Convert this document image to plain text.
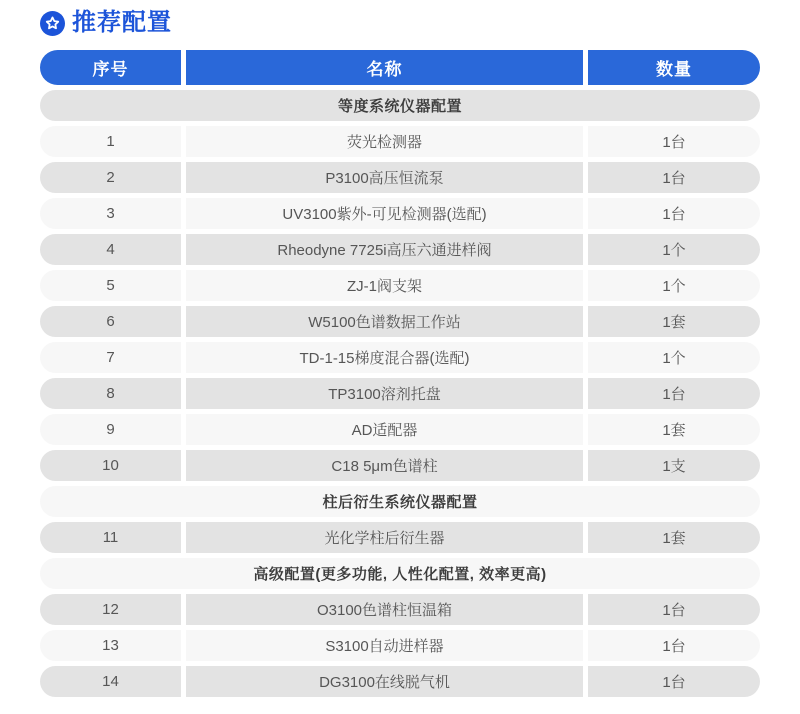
推荐配置
序号	名称	数量
等度系统仪器配置
1	荧光检测器	1台
2	P3100高压恒流泵	1台
3	UV3100紫外-可见检测器(选配)	1台
4	Rheodyne 7725i高压六通进样阀	1个
5	ZJ-1阀支架	1个
6	W5100色谱数据工作站	1套
7	TD-1-15梯度混合器(选配)	1个
8	TP3100溶剂托盘	1台
9	AD适配器	1套
10	C18 5μm色谱柱	1支
柱后衍生系统仪器配置
11	光化学柱后衍生器	1套
高级配置(更多功能, 人性化配置, 效率更高)
12	O3100色谱柱恒温箱	1台
13	S3100自动进样器	1台
14	DG3100在线脱气机	1台
